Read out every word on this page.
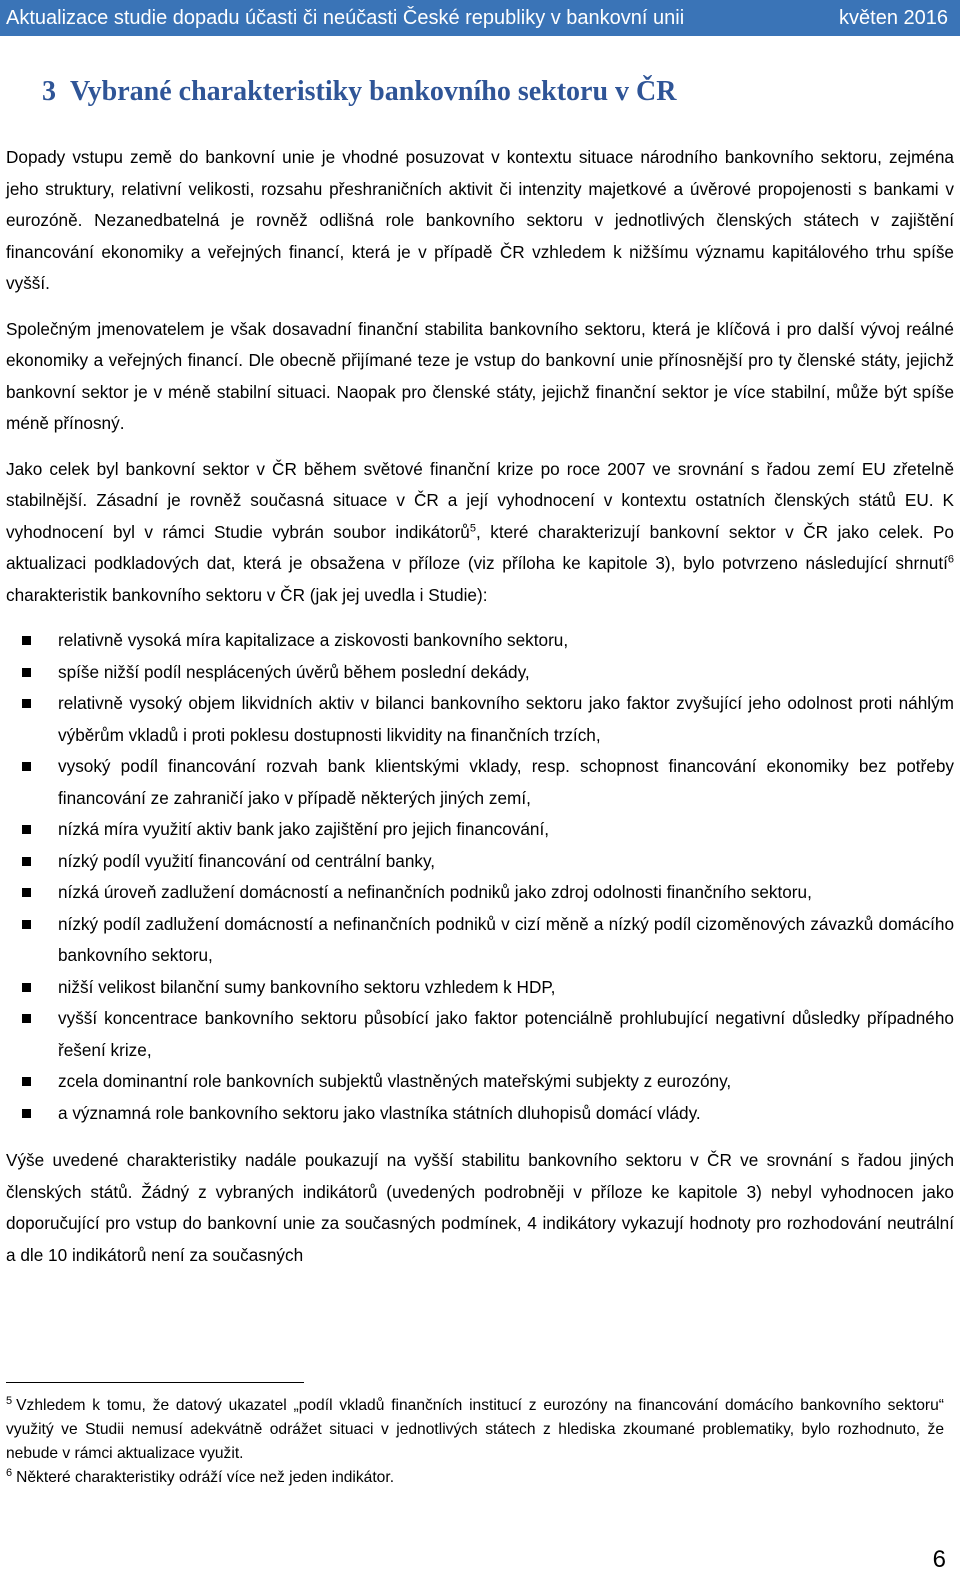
Aktualizace studie dopadu účasti či neúčasti České republiky v bankovní unii	květen 2016
3 Vybrané charakteristiky bankovního sektoru v ČR

Dopady vstupu země do bankovní unie je vhodné posuzovat v kontextu situace národního bankovního sektoru, zejména jeho struktury, relativní velikosti, rozsahu přeshraničních aktivit či intenzity majetkové a úvěrové propojenosti s bankami v eurozóně. Nezanedbatelná je rovněž odlišná role bankovního sektoru v jednotlivých členských státech v zajištění financování ekonomiky a veřejných financí, která je v případě ČR vzhledem k nižšímu významu kapitálového trhu spíše vyšší.

Společným jmenovatelem je však dosavadní finanční stabilita bankovního sektoru, která je klíčová i pro další vývoj reálné ekonomiky a veřejných financí. Dle obecně přijímané teze je vstup do bankovní unie přínosnější pro ty členské státy, jejichž bankovní sektor je v méně stabilní situaci. Naopak pro členské státy, jejichž finanční sektor je více stabilní, může být spíše méně přínosný.

Jako celek byl bankovní sektor v ČR během světové finanční krize po roce 2007 ve srovnání s řadou zemí EU zřetelně stabilnější. Zásadní je rovněž současná situace v ČR a její vyhodnocení v kontextu ostatních členských států EU. K vyhodnocení byl v rámci Studie vybrán soubor indikátorů$^5$, které charakterizují bankovní sektor v ČR jako celek. Po aktualizaci podkladových dat, která je obsažena v příloze (viz příloha ke kapitole 3), bylo potvrzeno následující shrnutí$^6$ charakteristik bankovního sektoru v ČR (jak jej uvedla i Studie):

relativně vysoká míra kapitalizace a ziskovosti bankovního sektoru,
spíše nižší podíl nesplácených úvěrů během poslední dekády,
relativně vysoký objem likvidních aktiv v bilanci bankovního sektoru jako faktor zvyšující jeho odolnost proti náhlým výběrům vkladů i proti poklesu dostupnosti likvidity na finančních trzích,
vysoký podíl financování rozvah bank klientskými vklady, resp. schopnost financování ekonomiky bez potřeby financování ze zahraničí jako v případě některých jiných zemí,
nízká míra využití aktiv bank jako zajištění pro jejich financování,
nízký podíl využití financování od centrální banky,
nízká úroveň zadlužení domácností a nefinančních podniků jako zdroj odolnosti finančního sektoru,
nízký podíl zadlužení domácností a nefinančních podniků v cizí měně a nízký podíl cizoměnových závazků domácího bankovního sektoru,
nižší velikost bilanční sumy bankovního sektoru vzhledem k HDP,
vyšší koncentrace bankovního sektoru působící jako faktor potenciálně prohlubující negativní důsledky případného řešení krize,
zcela dominantní role bankovních subjektů vlastněných mateřskými subjekty z eurozóny,
a významná role bankovního sektoru jako vlastníka státních dluhopisů domácí vlády.

Výše uvedené charakteristiky nadále poukazují na vyšší stabilitu bankovního sektoru v ČR ve srovnání s řadou jiných členských států. Žádný z vybraných indikátorů (uvedených podrobněji v příloze ke kapitole 3) nebyl vyhodnocen jako doporučující pro vstup do bankovní unie za současných podmínek, 4 indikátory vykazují hodnoty pro rozhodování neutrální a dle 10 indikátorů není za současných

$^5$ Vzhledem k tomu, že datový ukazatel „podíl vkladů finančních institucí z eurozóny na financování domácího bankovního sektoru“ využitý ve Studii nemusí adekvátně odrážet situaci v jednotlivých státech z hlediska zkoumané problematiky, bylo rozhodnuto, že nebude v rámci aktualizace využit.

$^6$ Některé charakteristiky odráží více než jeden indikátor.

6
